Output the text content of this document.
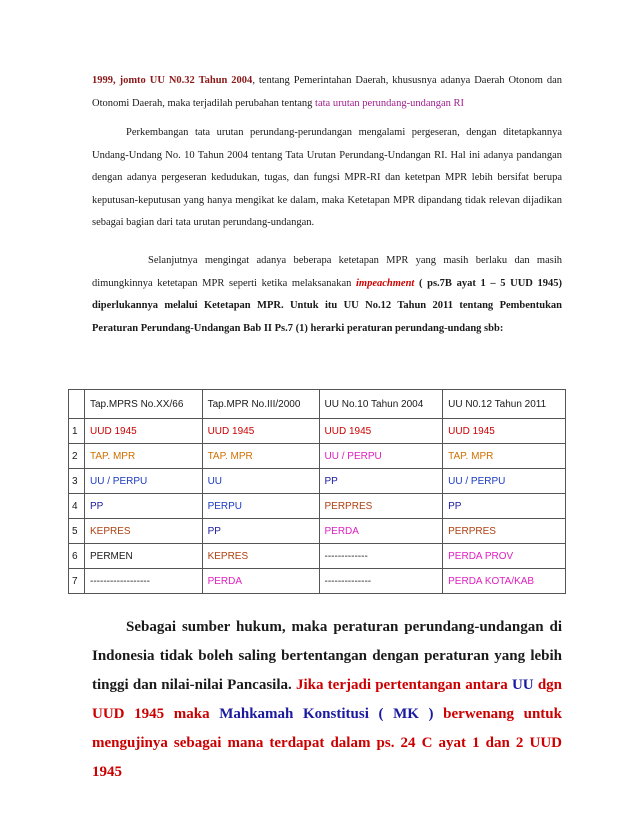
1999, jomto UU N0.32 Tahun 2004, tentang Pemerintahan Daerah, khususnya adanya Daerah Otonom dan Otonomi Daerah, maka terjadilah perubahan tentang tata urutan perundang-undangan RI

Perkembangan tata urutan perundang-perundangan mengalami pergeseran, dengan ditetapkannya Undang-Undang No. 10 Tahun 2004 tentang Tata Urutan Perundang-Undangan RI. Hal ini adanya pandangan dengan adanya pergeseran kedudukan, tugas, dan fungsi MPR-RI dan ketetpan MPR lebih bersifat berupa keputusan-keputusan yang hanya mengikat ke dalam, maka Ketetapan MPR dipandang tidak relevan dijadikan sebagai bagian dari tata urutan perundang-undangan.

Selanjutnya mengingat adanya beberapa ketetapan MPR yang masih berlaku dan masih dimungkinnya ketetapan MPR seperti ketika melaksanakan impeachment ( ps.7B ayat 1 – 5 UUD 1945) diperlukannya melalui Ketetapan MPR. Untuk itu UU No.12 Tahun 2011 tentang Pembentukan Peraturan Perundang-Undangan Bab II Ps.7 (1) herarki peraturan perundang-undang sbb:

	Tap.MPRS No.XX/66	Tap.MPR No.III/2000	UU No.10 Tahun 2004	UU N0.12 Tahun 2011
1	UUD 1945	UUD 1945	UUD 1945	UUD 1945
2	TAP. MPR	TAP. MPR	UU / PERPU	TAP. MPR
3	UU / PERPU	UU	PP	UU / PERPU
4	PP	PERPU	PERPRES	PP
5	KEPRES	PP	PERDA	PERPRES
6	PERMEN	KEPRES	-------------	PERDA PROV
7	------------------	PERDA	--------------	PERDA KOTA/KAB

Sebagai sumber hukum, maka peraturan perundang-undangan di Indonesia tidak boleh saling bertentangan dengan peraturan yang lebih tinggi dan nilai-nilai Pancasila. Jika terjadi pertentangan antara UU dgn UUD 1945 maka Mahkamah Konstitusi ( MK ) berwenang untuk mengujinya sebagai mana terdapat dalam ps. 24 C ayat 1 dan 2 UUD 1945
